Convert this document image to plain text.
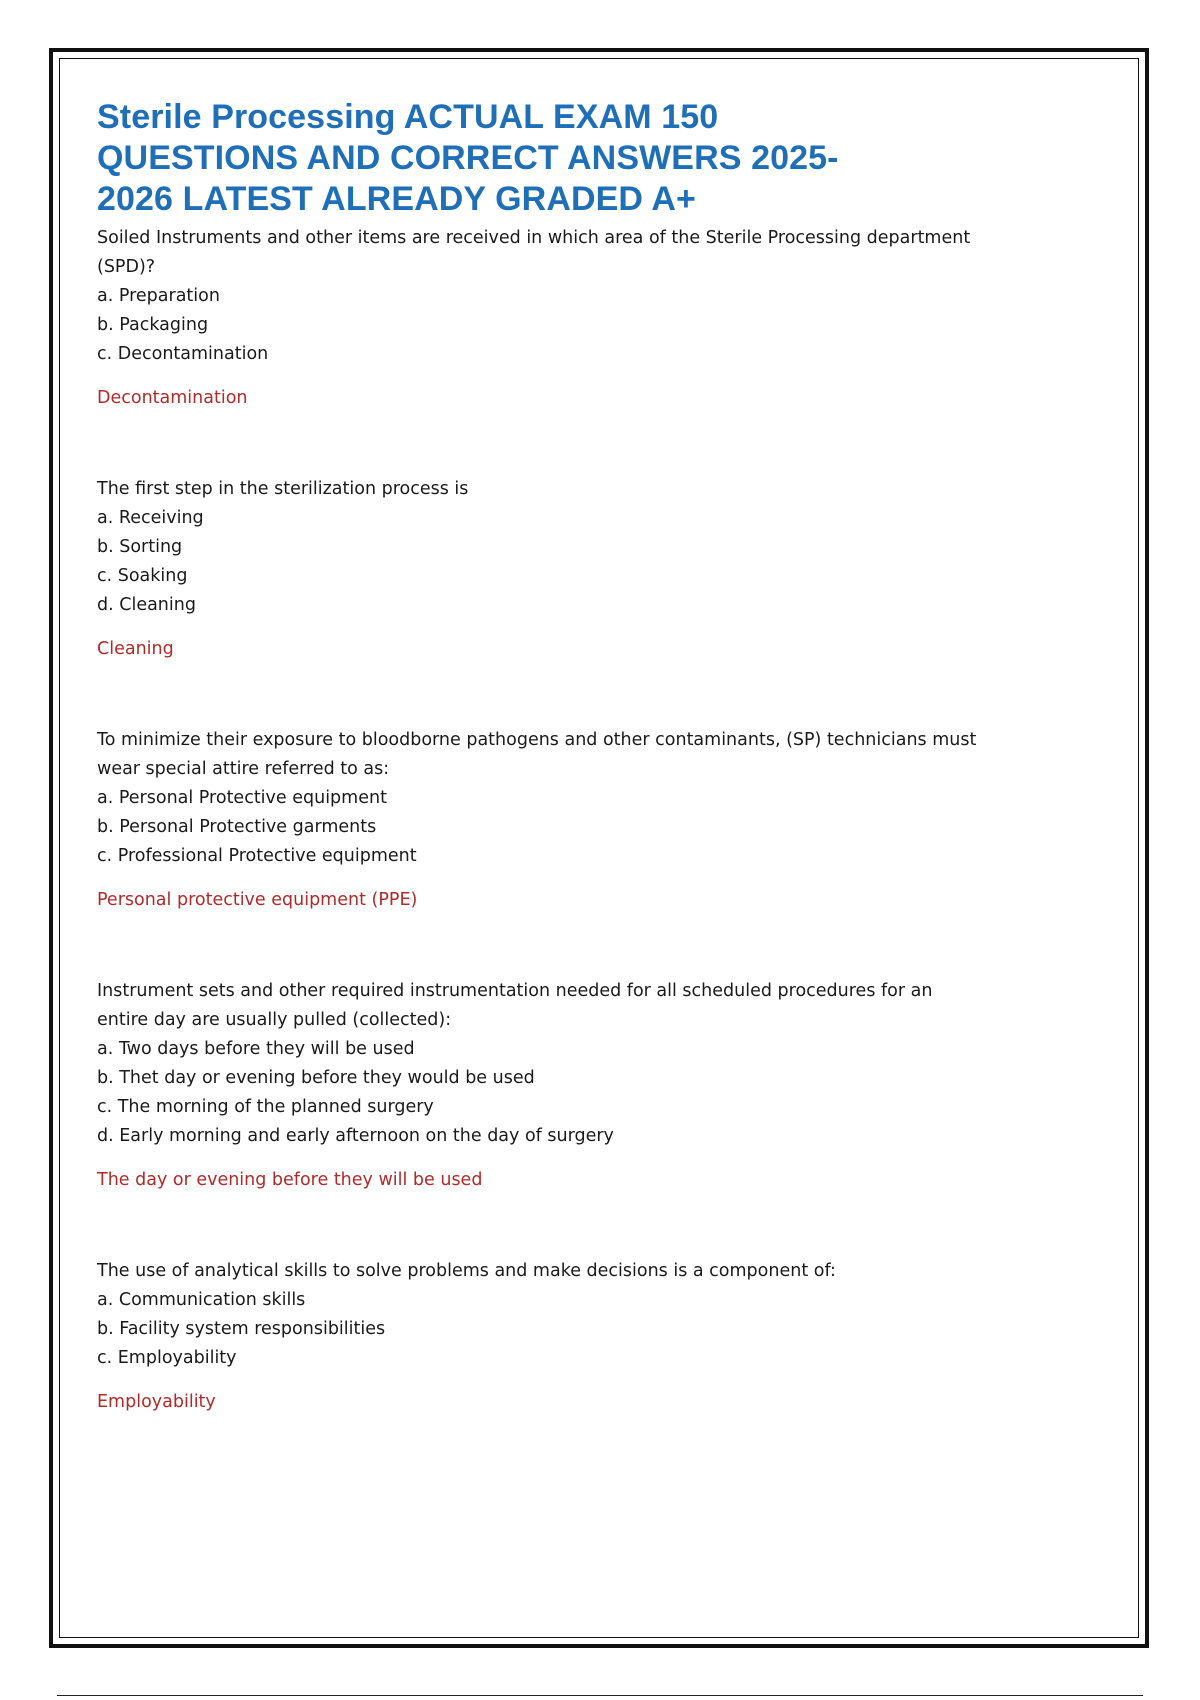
Sterile Processing ACTUAL EXAM 150
QUESTIONS AND CORRECT ANSWERS 2025-
2026 LATEST ALREADY GRADED A+

Soiled Instruments and other items are received in which area of the Sterile Processing department
(SPD)?

a. Preparation
b. Packaging
c. Decontamination
Decontamination

The first step in the sterilization process is

a. Receiving
b. Sorting
c. Soaking
d. Cleaning
Cleaning

To minimize their exposure to bloodborne pathogens and other contaminants, (SP) technicians must
wear special attire referred to as:

a. Personal Protective equipment
b. Personal Protective garments
c. Professional Protective equipment
Personal protective equipment (PPE)

Instrument sets and other required instrumentation needed for all scheduled procedures for an
entire day are usually pulled (collected):

a. Two days before they will be used
b. Thet day or evening before they would be used
c. The morning of the planned surgery
d. Early morning and early afternoon on the day of surgery
The day or evening before they will be used

The use of analytical skills to solve problems and make decisions is a component of:

a. Communication skills
b. Facility system responsibilities
c. Employability
Employability
